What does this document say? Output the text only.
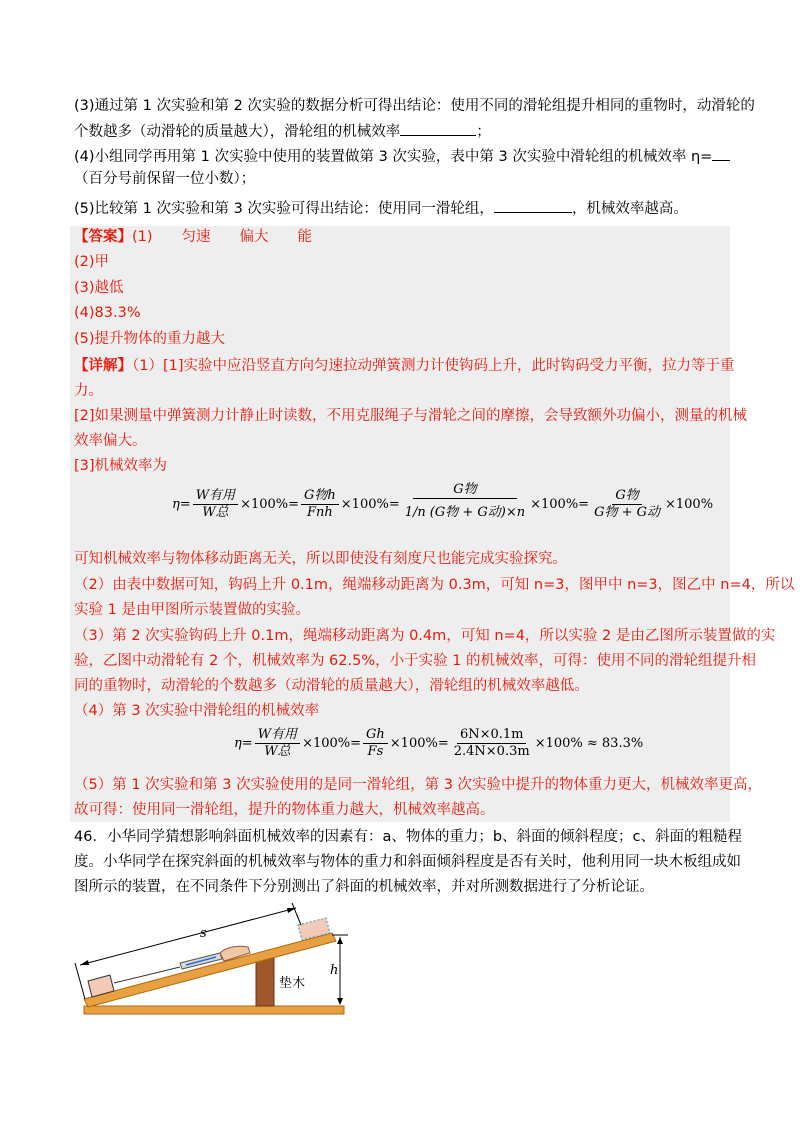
(3)通过第 1 次实验和第 2 次实验的数据分析可得出结论：使用不同的滑轮组提升相同的重物时，动滑轮的
个数越多（动滑轮的质量越大），滑轮组的机械效率	；
(4)小组同学再用第 1 次实验中使用的装置做第 3 次实验，表中第 3 次实验中滑轮组的机械效率 η=
（百分号前保留一位小数）；
(5)比较第 1 次实验和第 3 次实验可得出结论：使用同一滑轮组，	，机械效率越高。
【答案】(1)　　匀速　　偏大　　能
(2)甲
(3)越低
(4)83.3%
(5)提升物体的重力越大
【详解】（1）[1]实验中应沿竖直方向匀速拉动弹簧测力计使钩码上升，此时钩码受力平衡，拉力等于重
力。
[2]如果测量中弹簧测力计静止时读数，不用克服绳子与滑轮之间的摩擦，会导致额外功偏小，测量的机械
效率偏大。
[3]机械效率为
$\eta= \frac{\text{W有用}}{\text{W总}} \times 100\%= \frac{\text{G物h}}{\text{Fnh}} \times 100\%= \frac{\text{G物}}{\text{1/n (G物 + G动)×n}} \times 100\%= \frac{\text{G物}}{\text{G物 + G动}} \times 100\%$
可知机械效率与物体移动距离无关，所以即使没有刻度尺也能完成实验探究。
（2）由表中数据可知，钩码上升 0.1m，绳端移动距离为 0.3m，可知 n=3，图甲中 n=3，图乙中 n=4，所以
实验 1 是由甲图所示装置做的实验。
（3）第 2 次实验钩码上升 0.1m，绳端移动距离为 0.4m，可知 n=4，所以实验 2 是由乙图所示装置做的实
验，乙图中动滑轮有 2 个，机械效率为 62.5%，小于实验 1 的机械效率，可得：使用不同的滑轮组提升相
同的重物时，动滑轮的个数越多（动滑轮的质量越大），滑轮组的机械效率越低。
（4）第 3 次实验中滑轮组的机械效率
$\eta= \frac{\text{W有用}}{\text{W总}} \times 100\%= \frac{Gh}{Fs} \times 100\%= \frac{6N\times 0.1m}{2.4N\times 0.3m} \times 100\% \approx 83.3\%$
（5）第 1 次实验和第 3 次实验使用的是同一滑轮组，第 3 次实验中提升的物体重力更大，机械效率更高，
故可得：使用同一滑轮组，提升的物体重力越大，机械效率越高。
46．小华同学猜想影响斜面机械效率的因素有：a、物体的重力；b、斜面的倾斜程度；c、斜面的粗糙程
度。小华同学在探究斜面的机械效率与物体的重力和斜面倾斜程度是否有关时，他利用同一块木板组成如
图所示的装置，在不同条件下分别测出了斜面的机械效率，并对所测数据进行了分析论证。
s
h
垫木
